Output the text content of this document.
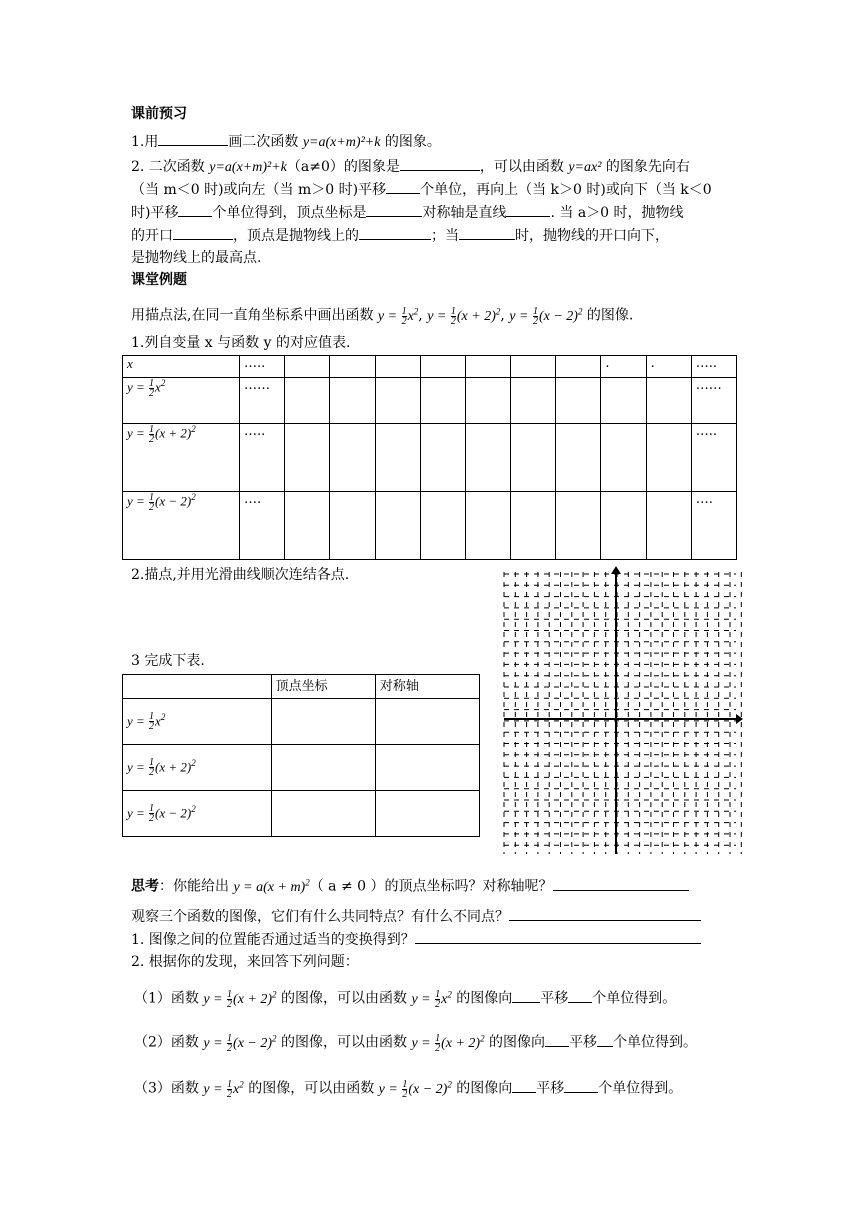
课前预习
1.用	画二次函数 y=a(x+m)²+k 的图象。
2. 二次函数 y=a(x+m)²+k（a≠0）的图象是	，可以由函数 y=ax² 的图象先向右
（当 m＜0 时)或向左（当 m＞0 时)平移 个单位，再向上（当 k＞0 时)或向下（当 k＜0
时)平移 个单位得到，顶点坐标是	对称轴是直线	. 当 a＞0 时，抛物线
的开口	，顶点是抛物线上的	；当	时，抛物线的开口向下，
是抛物线上的最高点.
课堂例题
用描点法,在同一直角坐标系中画出函数 $y = \frac{1}{2} x^2$, $y = \frac{1}{2} (x + 2)^2$, $y = \frac{1}{2} (x - 2)^2$ 的图像.
1.列自变量 x 与函数 y 的对应值表.
x	…..								.	.	…..
$y = \frac{1}{2} x^2$	……										……
$y = \frac{1}{2} (x + 2)^2$	…..										…..
$y = \frac{1}{2} (x - 2)^2$	….										….
2.描点,并用光滑曲线顺次连结各点.
3 完成下表.
	顶点坐标	对称轴
$y = \frac{1}{2} x^2$		
$y = \frac{1}{2} (x + 2)^2$		
$y = \frac{1}{2} (x - 2)^2$		
思考：你能给出 $y = a(x + m)^2$（ a ≠ 0 ）的顶点坐标吗？对称轴呢？
观察三个函数的图像，它们有什么共同特点？有什么不同点？
1. 图像之间的位置能否通过适当的变换得到？
2. 根据你的发现，来回答下列问题：
（1）函数 $y = \frac{1}{2} (x + 2)^2$ 的图像，可以由函数 $y = \frac{1}{2} x^2$ 的图像向 平移 个单位得到。
（2）函数 $y = \frac{1}{2} (x - 2)^2$ 的图像，可以由函数 $y = \frac{1}{2} (x + 2)^2$ 的图像向 平移 个单位得到。
（3）函数 $y = \frac{1}{2} x^2$ 的图像，可以由函数 $y = \frac{1}{2} (x - 2)^2$ 的图像向 平移 个单位得到。
